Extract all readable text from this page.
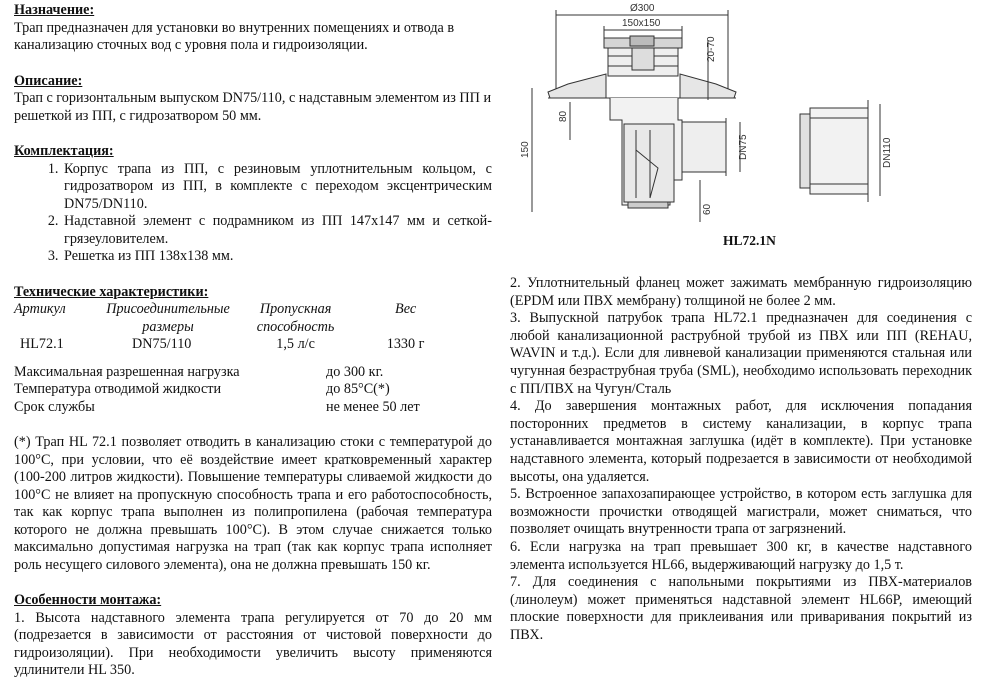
Назначение:

Трап предназначен для установки во внутренних помещениях и отвода в канализацию сточных вод с уровня пола и гидроизоляции.

Описание:

Трап с горизонтальным выпуском DN75/110, с надставным элементом из ПП и решеткой из ПП, с гидрозатвором 50 мм.

Комплектация:
1. Корпус трапа из ПП, с резиновым уплотнительным кольцом, с гидрозатвором из ПП, в комплекте с переходом эксцентрическим DN75/DN110.
2. Надставной элемент с подрамником из ПП 147х147 мм и сеткой-грязеуловителем.
3. Решетка из ПП 138х138 мм.
Технические характеристики:
Артикул	Присоединительные размеры	Пропускная способность	Вес
HL72.1	DN75/110	1,5 л/с	1330 г
Максимальная разрешенная нагрузка	до 300 кг.
Температура отводимой жидкости	до 85°С(*)
Срок службы	не менее 50 лет

(*) Трап HL 72.1 позволяет отводить в канализацию стоки с температурой до 100°С, при условии, что её воздействие имеет кратковременный характер (100-200 литров жидкости). Повышение температуры сливаемой жидкости до 100°С не влияет на пропускную способность трапа и его работоспособность, так как корпус трапа выполнен из полипропилена (рабочая температура которого не должна превышать 100°С). В этом случае снижается только максимально допустимая нагрузка на трап (так как корпус трапа исполняет роль несущего силового элемента), она не должна превышать 150 кг.

Особенности монтажа:

1. Высота надставного элемента трапа регулируется от 70 до 20 мм (подрезается в зависимости от расстояния от чистовой поверхности до гидроизоляции). При необходимости увеличить высоту применяются удлинители HL 350.

Ø300
150x150
20-70
80
150
60
DN75	DN110
HL72.1N

2. Уплотнительный фланец может зажимать мембранную гидроизоляцию (EPDM или ПВХ мембрану) толщиной не более 2 мм.

3. Выпускной патрубок трапа HL72.1 предназначен для соединения с любой канализационной раструбной трубой из ПВХ или ПП (REHAU, WAVIN и т.д.). Если для ливневой канализации применяются стальная или чугунная безраструбная труба (SML), необходимо использовать переходник с ПП/ПВХ на Чугун/Сталь

4. До завершения монтажных работ, для исключения попадания посторонних предметов в систему канализации, в корпус трапа устанавливается монтажная заглушка (идёт в комплекте). При установке надставного элемента, который подрезается в зависимости от необходимой высоты, она удаляется.

5. Встроенное запахозапирающее устройство, в котором есть заглушка для возможности прочистки отводящей магистрали, может сниматься, что позволяет очищать внутренности трапа от загрязнений.

6. Если нагрузка на трап превышает 300 кг, в качестве надставного элемента используется HL66, выдерживающий нагрузку до 1,5 т.

7. Для соединения с напольными покрытиями из ПВХ-материалов (линолеум) может применяться надставной элемент HL66P, имеющий плоские поверхности для приклеивания или приваривания покрытий из ПВХ.
